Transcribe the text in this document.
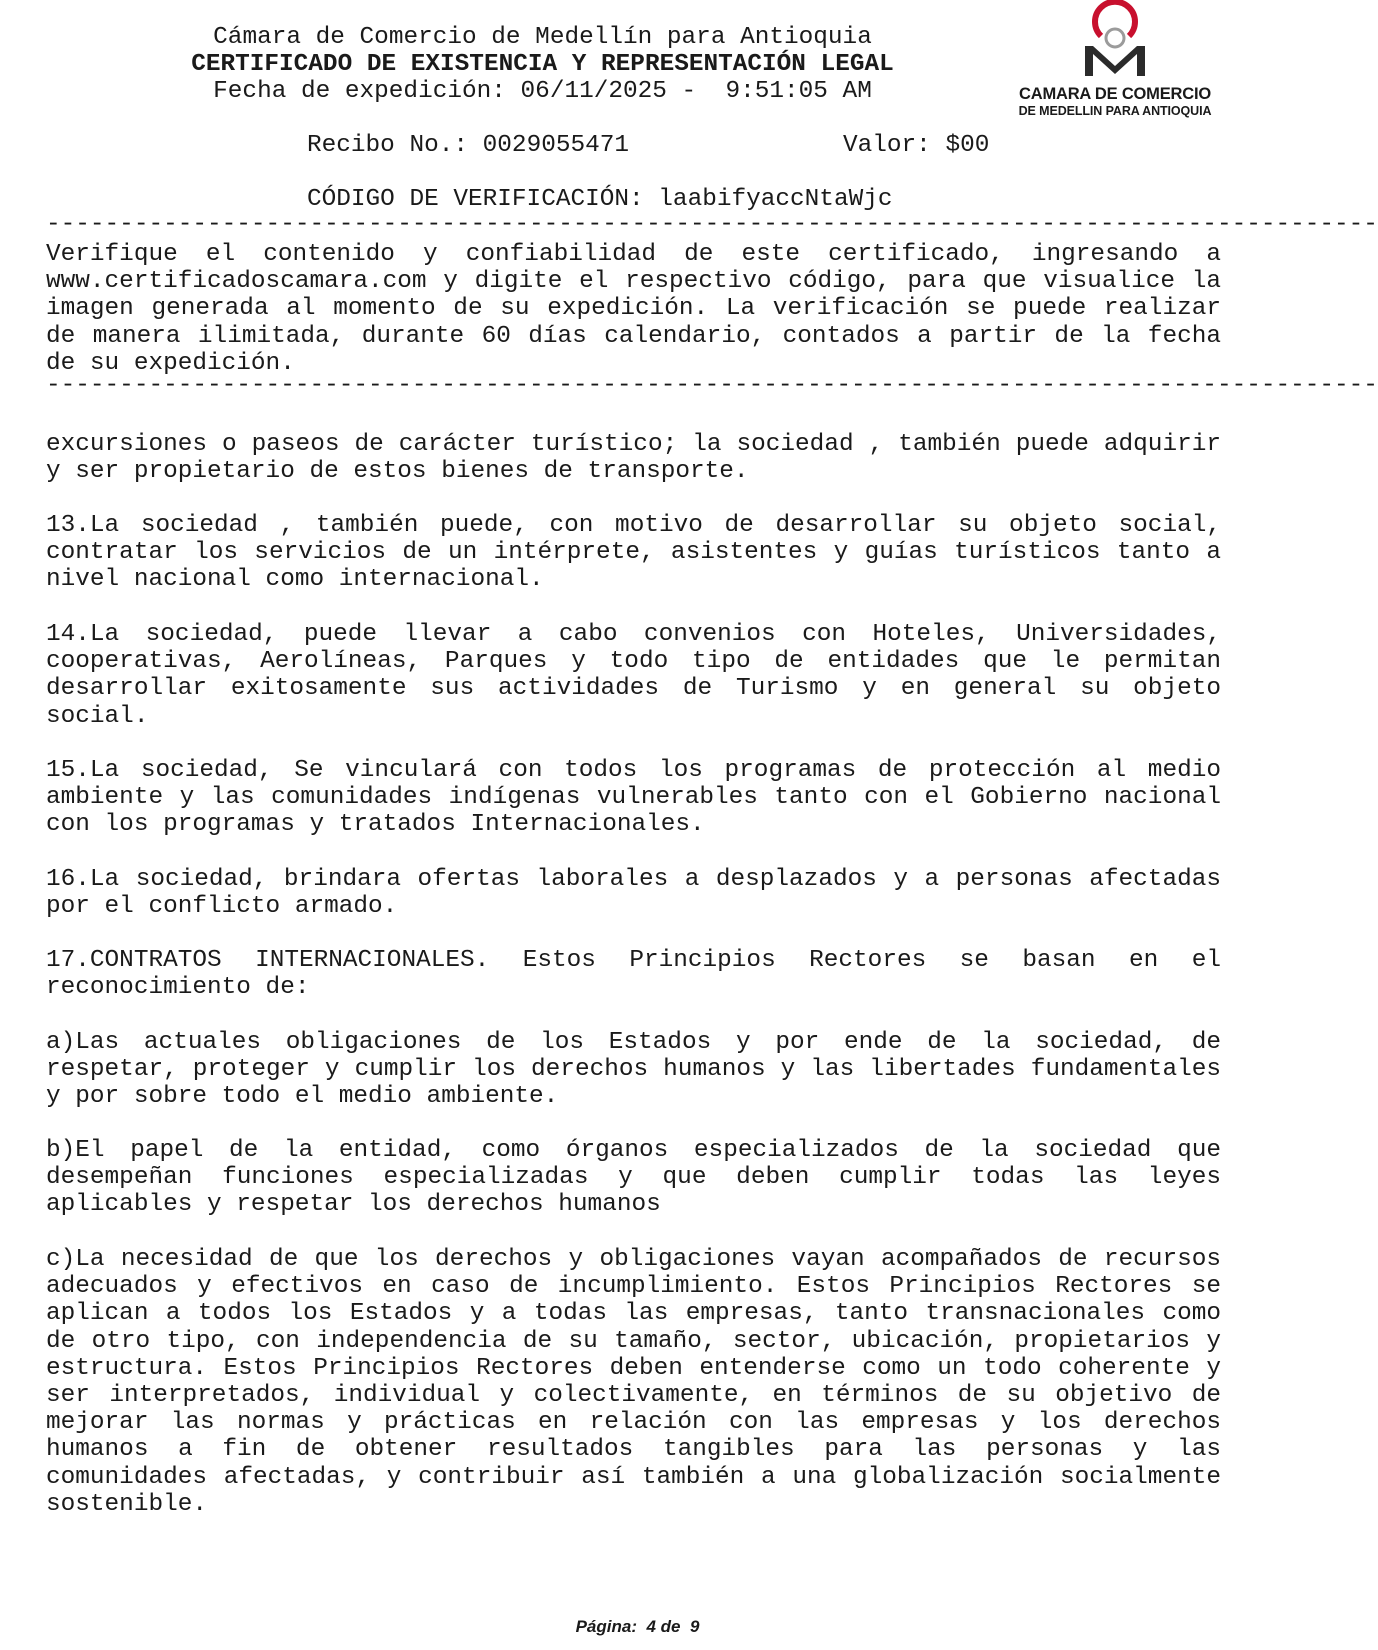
Cámara de Comercio de Medellín para Antioquia
CERTIFICADO DE EXISTENCIA Y REPRESENTACIÓN LEGAL
Fecha de expedición: 06/11/2025 -  9:51:05 AM
Recibo No.: 0029055471	Valor: $00
CÓDIGO DE VERIFICACIÓN: laabifyaccNtaWjc
CAMARA DE COMERCIO
DE MEDELLIN PARA ANTIOQUIA
-------------------------------------------------------------------------------------------
Verifique el contenido y confiabilidad de este certificado, ingresando a www.certificadoscamara.com y digite el respectivo código, para que visualice la imagen generada al momento de su expedición. La verificación se puede realizar de manera ilimitada, durante 60 días calendario, contados a partir de la fecha de su expedición.
-------------------------------------------------------------------------------------------
excursiones o paseos de carácter turístico; la sociedad , también puede adquirir y ser propietario de estos bienes de transporte.
13.La sociedad , también puede, con motivo de desarrollar su objeto social, contratar los servicios de un intérprete, asistentes y guías turísticos tanto a nivel nacional como internacional.
14.La sociedad, puede llevar a cabo convenios con Hoteles, Universidades, cooperativas, Aerolíneas, Parques y todo tipo de entidades que le permitan desarrollar exitosamente sus actividades de Turismo y en general su objeto social.
15.La sociedad, Se vinculará con todos los programas de protección al medio ambiente y las comunidades indígenas vulnerables tanto con el Gobierno nacional con los programas y tratados Internacionales.
16.La sociedad, brindara ofertas laborales a desplazados y a personas afectadas por el conflicto armado.
17.CONTRATOS INTERNACIONALES. Estos Principios Rectores se basan en el reconocimiento de:
a)Las actuales obligaciones de los Estados y por ende de la sociedad, de respetar, proteger y cumplir los derechos humanos y las libertades fundamentales y por sobre todo el medio ambiente.
b)El papel de la entidad, como órganos especializados de la sociedad que desempeñan funciones especializadas y que deben cumplir todas las leyes aplicables y respetar los derechos humanos
c)La necesidad de que los derechos y obligaciones vayan acompañados de recursos adecuados y efectivos en caso de incumplimiento. Estos Principios Rectores se aplican a todos los Estados y a todas las empresas, tanto transnacionales como de otro tipo, con independencia de su tamaño, sector, ubicación, propietarios y estructura. Estos Principios Rectores deben entenderse como un todo coherente y ser interpretados, individual y colectivamente, en términos de su objetivo de mejorar las normas y prácticas en relación con las empresas y los derechos humanos a fin de obtener resultados tangibles para las personas y las comunidades afectadas, y contribuir así también a una globalización socialmente sostenible.
Página: 4 de 9
